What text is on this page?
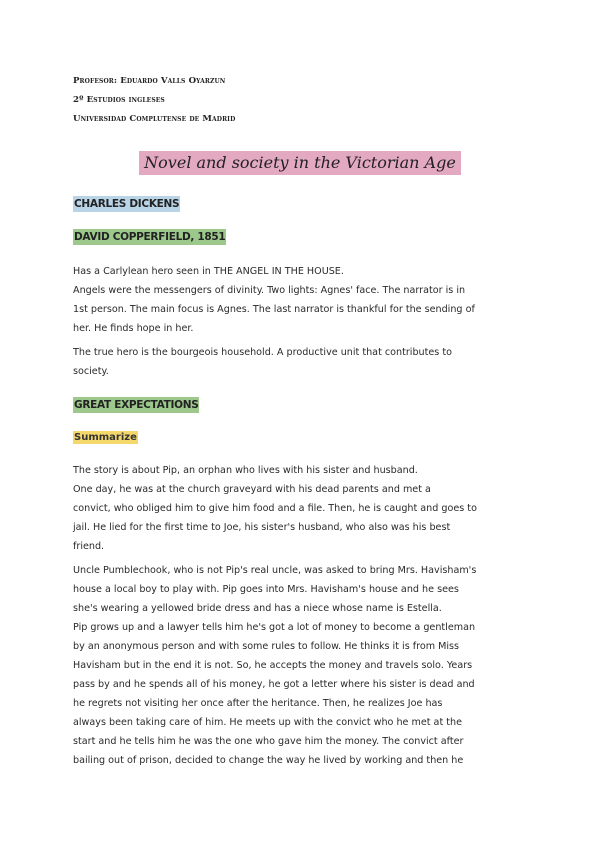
Profesor: Eduardo Valls Oyarzun
2º Estudios ingleses
Universidad Complutense de Madrid
Novel and society in the Victorian Age
CHARLES DICKENS
DAVID COPPERFIELD, 1851
Has a Carlylean hero seen in THE ANGEL IN THE HOUSE.
Angels were the messengers of divinity. Two lights: Agnes' face. The narrator is in
1st person. The main focus is Agnes. The last narrator is thankful for the sending of
her. He finds hope in her.
The true hero is the bourgeois household. A productive unit that contributes to
society.
GREAT EXPECTATIONS
Summarize
The story is about Pip, an orphan who lives with his sister and husband.
One day, he was at the church graveyard with his dead parents and met a
convict, who obliged him to give him food and a file. Then, he is caught and goes to
jail. He lied for the first time to Joe, his sister's husband, who also was his best
friend.
Uncle Pumblechook, who is not Pip's real uncle, was asked to bring Mrs. Havisham's
house a local boy to play with. Pip goes into Mrs. Havisham's house and he sees
she's wearing a yellowed bride dress and has a niece whose name is Estella.
Pip grows up and a lawyer tells him he's got a lot of money to become a gentleman
by an anonymous person and with some rules to follow. He thinks it is from Miss
Havisham but in the end it is not. So, he accepts the money and travels solo. Years
pass by and he spends all of his money, he got a letter where his sister is dead and
he regrets not visiting her once after the heritance. Then, he realizes Joe has
always been taking care of him. He meets up with the convict who he met at the
start and he tells him he was the one who gave him the money. The convict after
bailing out of prison, decided to change the way he lived by working and then he
